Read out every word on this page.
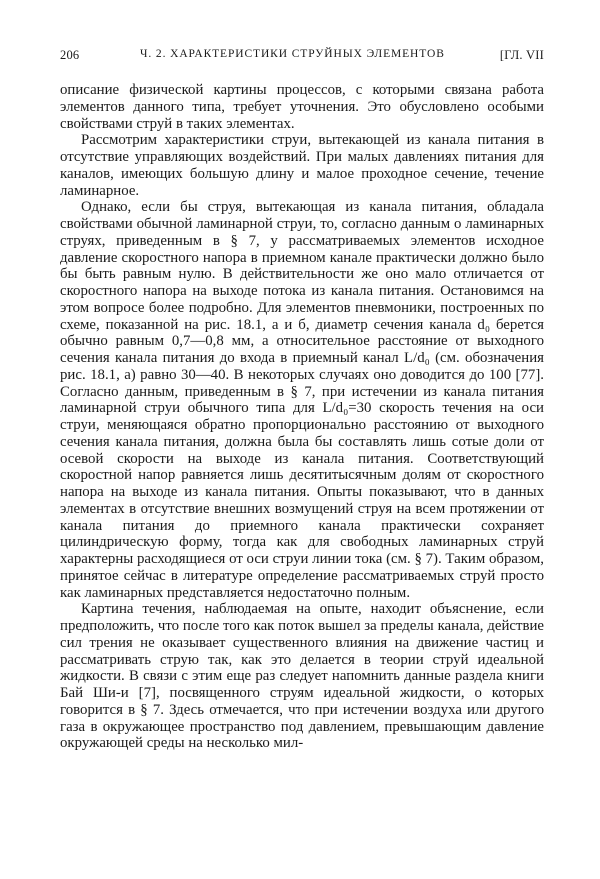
206	Ч. 2. ХАРАКТЕРИСТИКИ СТРУЙНЫХ ЭЛЕМЕНТОВ	[ГЛ. VII

описание физической картины процессов, с которыми связана работа элементов данного типа, требует уточнения. Это обусловлено особыми свойствами струй в таких элементах.

Рассмотрим характеристики струи, вытекающей из канала питания в отсутствие управляющих воздействий. При малых давлениях питания для каналов, имеющих большую длину и малое проходное сечение, течение ламинарное.

Однако, если бы струя, вытекающая из канала питания, обладала свойствами обычной ламинарной струи, то, согласно данным о ламинарных струях, приведенным в § 7, у рассматриваемых элементов исходное давление скоростного напора в приемном канале практически должно было бы быть равным нулю. В действительности же оно мало отличается от скоростного напора на выходе потока из канала питания. Остановимся на этом вопросе более подробно. Для элементов пневмоники, построенных по схеме, показанной на рис. 18.1, а и б, диаметр сечения канала d₀ берется обычно равным 0,7—0,8 мм, а относительное расстояние от выходного сечения канала питания до входа в приемный канал L/d₀ (см. обозначения рис. 18.1, а) равно 30—40. В некоторых случаях оно доводится до 100 [77]. Согласно данным, приведенным в § 7, при истечении из канала питания ламинарной струи обычного типа для L/d₀=30 скорость течения на оси струи, меняющаяся обратно пропорционально расстоянию от выходного сечения канала питания, должна была бы составлять лишь сотые доли от осевой скорости на выходе из канала питания. Соответствующий скоростной напор равняется лишь десятитысячным долям от скоростного напора на выходе из канала питания. Опыты показывают, что в данных элементах в отсутствие внешних возмущений струя на всем протяжении от канала питания до приемного канала практически сохраняет цилиндрическую форму, тогда как для свободных ламинарных струй характерны расходящиеся от оси струи линии тока (см. § 7). Таким образом, принятое сейчас в литературе определение рассматриваемых струй просто как ламинарных представляется недостаточно полным.

Картина течения, наблюдаемая на опыте, находит объяснение, если предположить, что после того как поток вышел за пределы канала, действие сил трения не оказывает существенного влияния на движение частиц и рассматривать струю так, как это делается в теории струй идеальной жидкости. В связи с этим еще раз следует напомнить данные раздела книги Бай Ши-и [7], посвященного струям идеальной жидкости, о которых говорится в § 7. Здесь отмечается, что при истечении воздуха или другого газа в окружающее пространство под давлением, превышающим давление окружающей среды на несколько мил-
